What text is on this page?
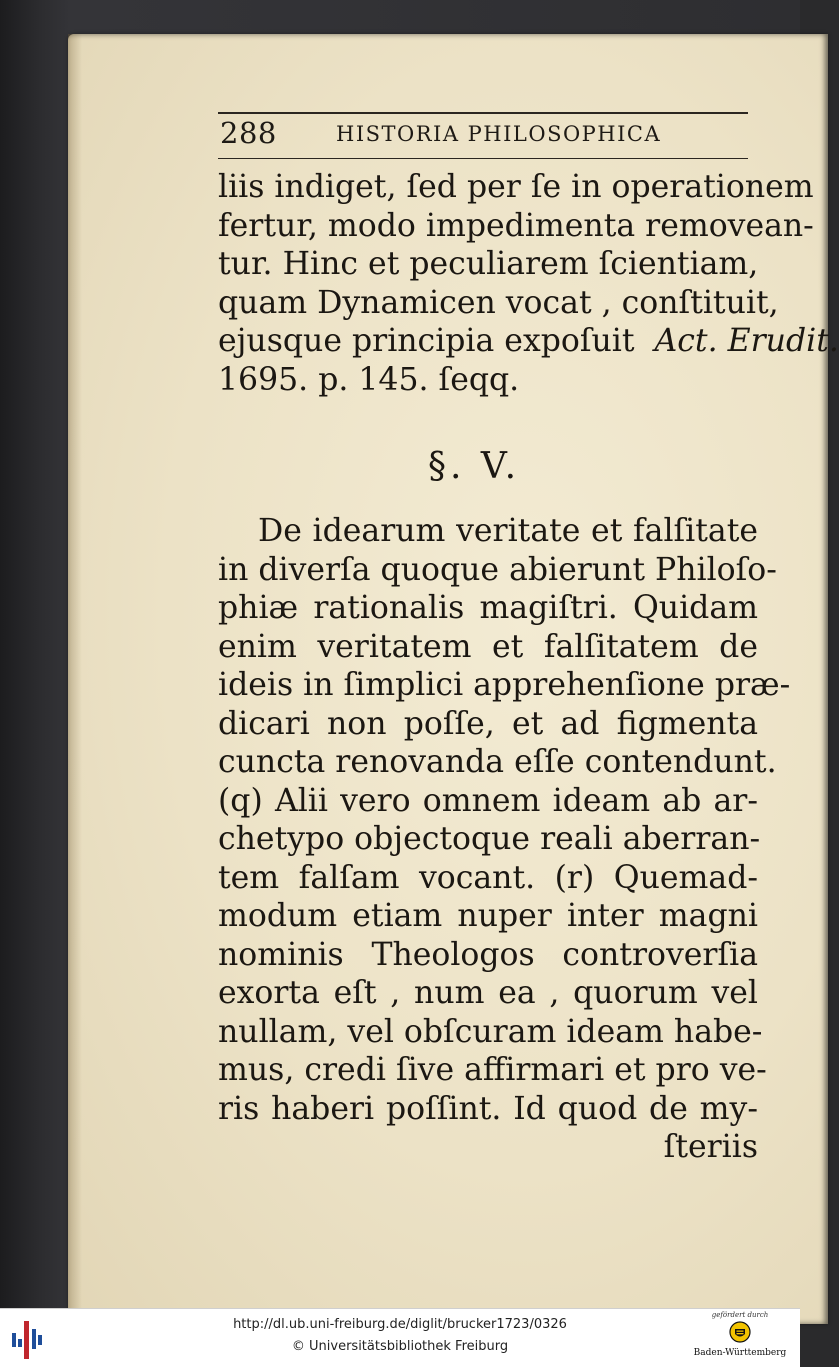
288	HISTORIA PHILOSOPHICA
liis indiget, ſed per ſe in operationem
fertur, modo impedimenta removean-
tur. Hinc et peculiarem ſcientiam,
quam Dynamicen vocat , conſtituit,
ejusque principia expoſuit Act. Erudit.
1695. p. 145. ſeqq.
§. V.
De idearum veritate et falſitate
in diverſa quoque abierunt Philoſo-
phiæ rationalis magiſtri. Quidam
enim veritatem et falſitatem de
ideis in ſimplici apprehenſione præ-
dicari non poſſe, et ad figmenta
cuncta renovanda eſſe contendunt.
(q) Alii vero omnem ideam ab ar-
chetypo objectoque reali aberran-
tem falſam vocant. (r) Quemad-
modum etiam nuper inter magni
nominis Theologos controverſia
exorta eſt , num ea , quorum vel
nullam, vel obſcuram ideam habe-
mus, credi ſive affirmari et pro ve-
ris haberi poſſint. Id quod de my-
ſteriis
http://dl.ub.uni-freiburg.de/diglit/brucker1723/0326
© Universitätsbibliothek Freiburg
gefördert durch
Baden-Württemberg
